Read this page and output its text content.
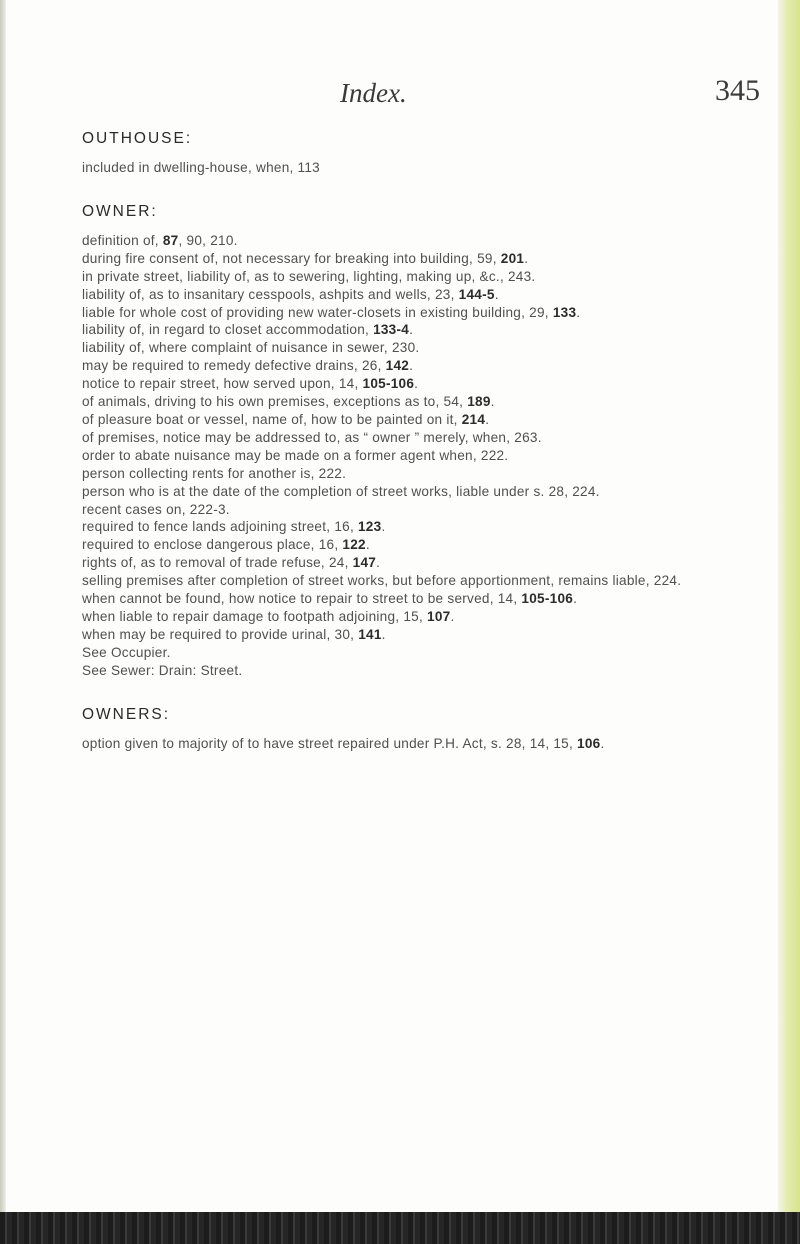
Index.	345
OUTHOUSE:
included in dwelling-house, when, 113
OWNER:
definition of, 87, 90, 210.
during fire consent of, not necessary for breaking into building, 59, 201.
in private street, liability of, as to sewering, lighting, making up, &c., 243.
liability of, as to insanitary cesspools, ashpits and wells, 23, 144-5.
liable for whole cost of providing new water-closets in existing building, 29, 133.
liability of, in regard to closet accommodation, 133-4.
liability of, where complaint of nuisance in sewer, 230.
may be required to remedy defective drains, 26, 142.
notice to repair street, how served upon, 14, 105-106.
of animals, driving to his own premises, exceptions as to, 54, 189.
of pleasure boat or vessel, name of, how to be painted on it, 214.
of premises, notice may be addressed to, as “ owner ” merely, when, 263.
order to abate nuisance may be made on a former agent when, 222.
person collecting rents for another is, 222.
person who is at the date of the completion of street works, liable under s. 28, 224.
recent cases on, 222-3.
required to fence lands adjoining street, 16, 123.
required to enclose dangerous place, 16, 122.
rights of, as to removal of trade refuse, 24, 147.
selling premises after completion of street works, but before apportionment, remains liable, 224.
when cannot be found, how notice to repair to street to be served, 14, 105-106.
when liable to repair damage to footpath adjoining, 15, 107.
when may be required to provide urinal, 30, 141.
See Occupier.
See Sewer: Drain: Street.
OWNERS:
option given to majority of to have street repaired under P.H. Act, s. 28, 14, 15, 106.
